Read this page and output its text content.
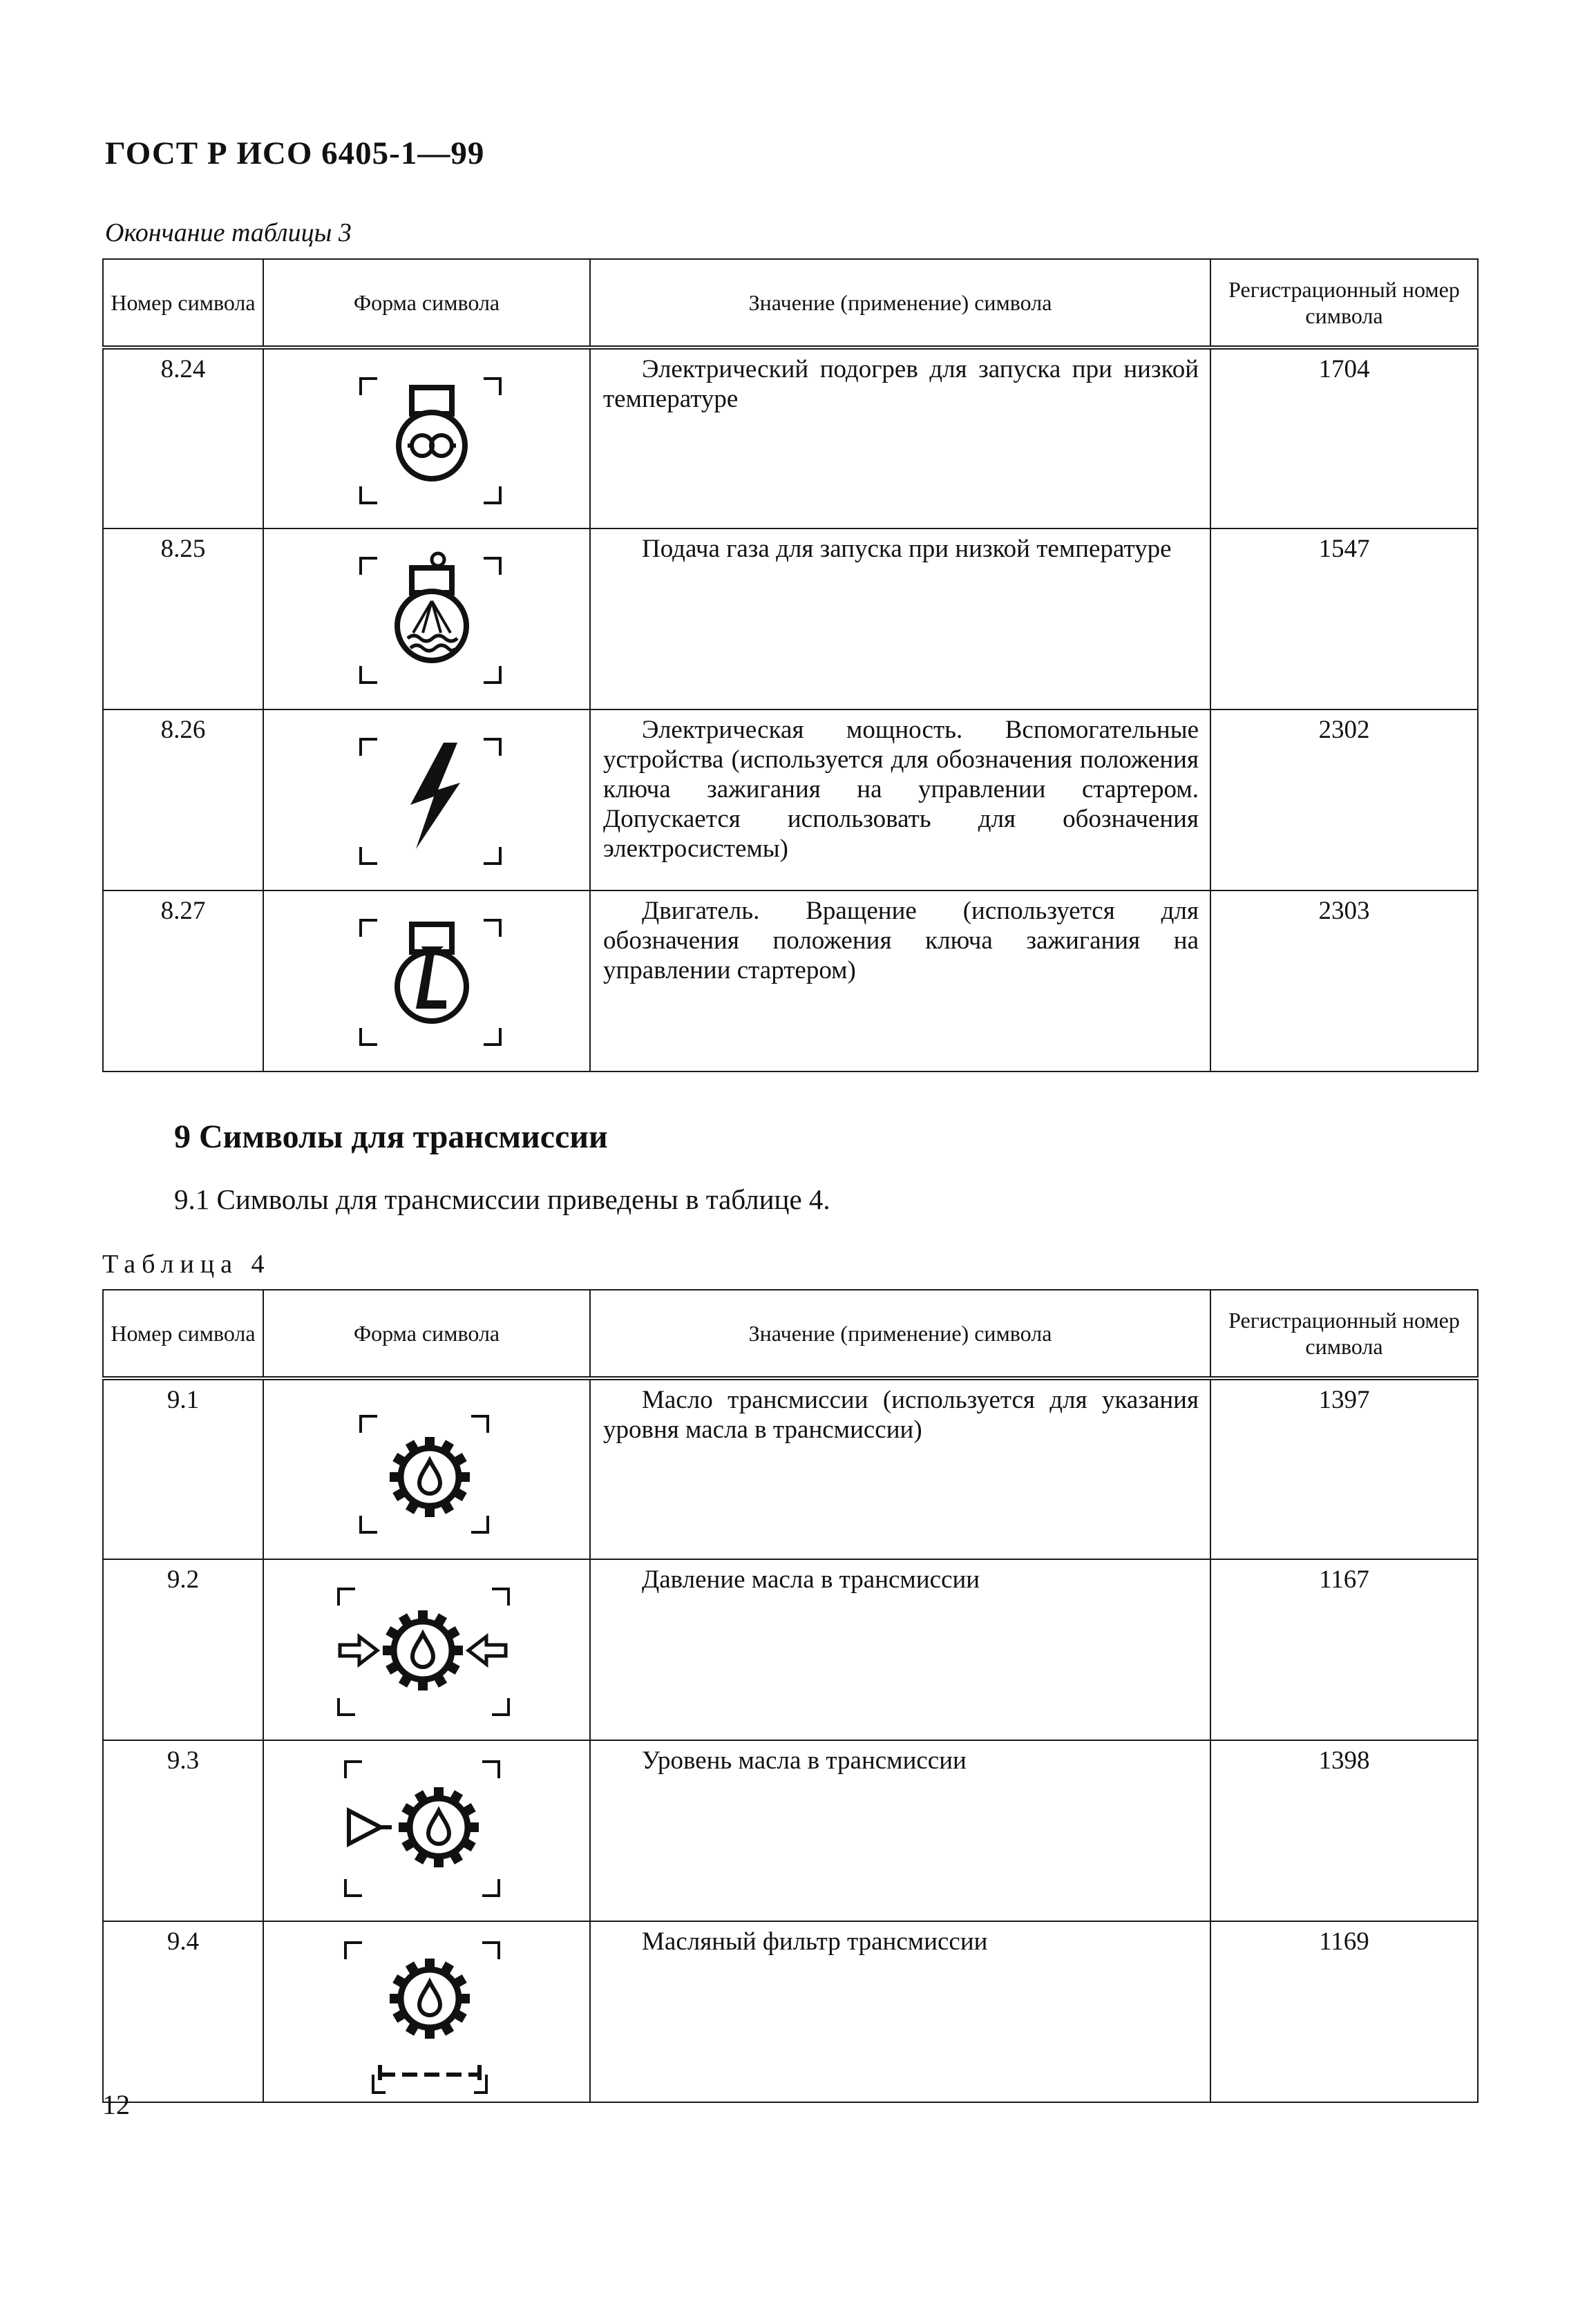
ГОСТ Р ИСО 6405-1—99
Окончание таблицы 3
Номер символа	Форма символа	Значение (применение) символа	Регистрационный номер символа
8.24		Электрический подогрев для запуска при низкой температуре	1704
8.25		Подача газа для запуска при низкой температуре	1547
8.26		Электрическая мощность. Вспомогательные устройства (используется для обозначения положения ключа зажигания на управлении стартером. Допускается использовать для обозначения электросистемы)	2302
8.27		Двигатель. Вращение (используется для обозначения положения ключа зажигания на управлении стартером)	2303
9 Символы для трансмиссии
9.1 Символы для трансмиссии приведены в таблице 4.
Таблица 4
Номер символа	Форма символа	Значение (применение) символа	Регистрационный номер символа
9.1		Масло трансмиссии (используется для указания уровня масла в трансмиссии)	1397
9.2		Давление масла в трансмиссии	1167
9.3		Уровень масла в трансмиссии	1398
9.4		Масляный фильтр трансмиссии	1169
12
